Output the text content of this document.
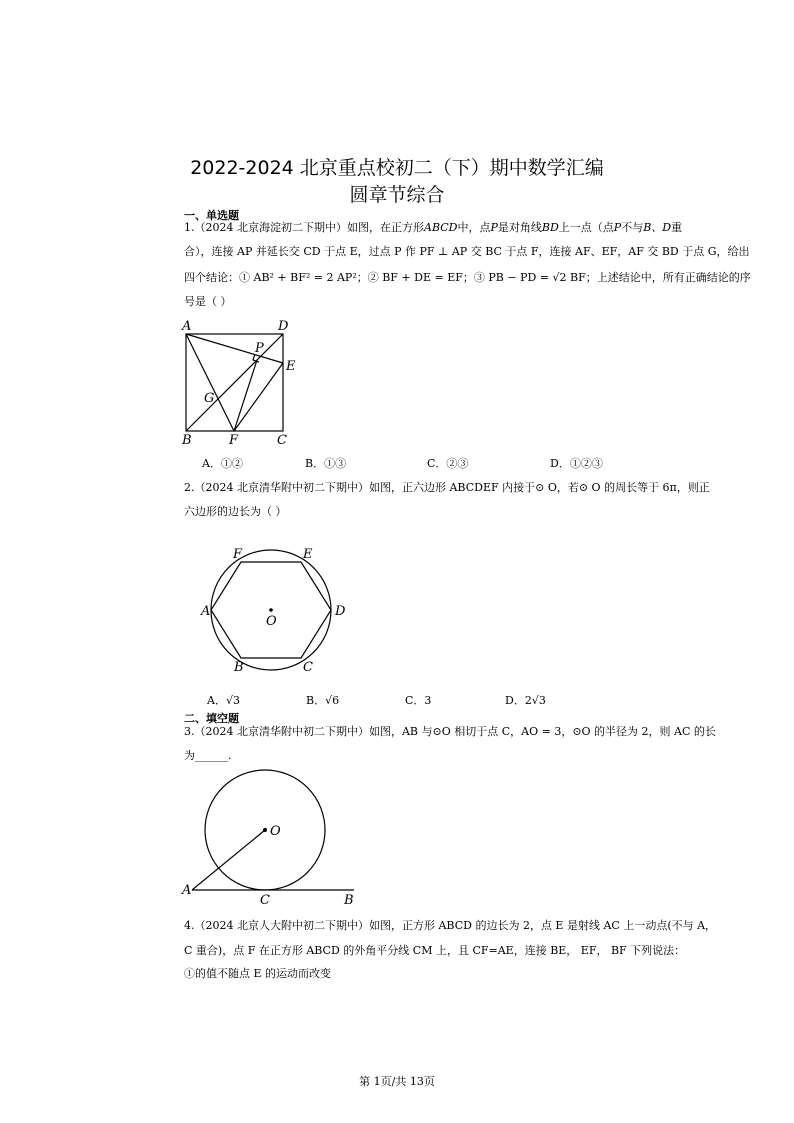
2022-2024 北京重点校初二（下）期中数学汇编
圆章节综合
一、单选题
1.（2024 北京海淀初二下期中）如图，在正方形ABCD中，点P是对角线BD上一点（点P不与B、D重
合），连接 AP 并延长交 CD 于点 E，过点 P 作 PF ⊥ AP 交 BC 于点 F，连接 AF、EF，AF 交 BD 于点 G，给出
四个结论：① AB² + BF² = 2 AP²；② BF + DE = EF；③ PB − PD = √2 BF；上述结论中，所有正确结论的序
号是（ ）
A	D
P
E
G
B	F	C
A．①②	B．①③	C．②③	D．①②③
2.（2024 北京清华附中初二下期中）如图，正六边形 ABCDEF 内接于⊙ O，若⊙ O 的周长等于 6π，则正
六边形的边长为（ ）
F	E
A	D
O
B	C
A．√3	B．√6	C．3	D．2√3
二、填空题
3.（2024 北京清华附中初二下期中）如图，AB 与⊙O 相切于点 C，AO = 3，⊙O 的半径为 2，则 AC 的长
为______.
O
A
C	B
4.（2024 北京人大附中初二下期中）如图，正方形 ABCD 的边长为 2，点 E 是射线 AC 上一动点(不与 A，
C 重合)，点 F 在正方形 ABCD 的外角平分线 CM 上，且 CF=AE，连接 BE， EF， BF 下列说法：
①的值不随点 E 的运动而改变
第 1页/共 13页
